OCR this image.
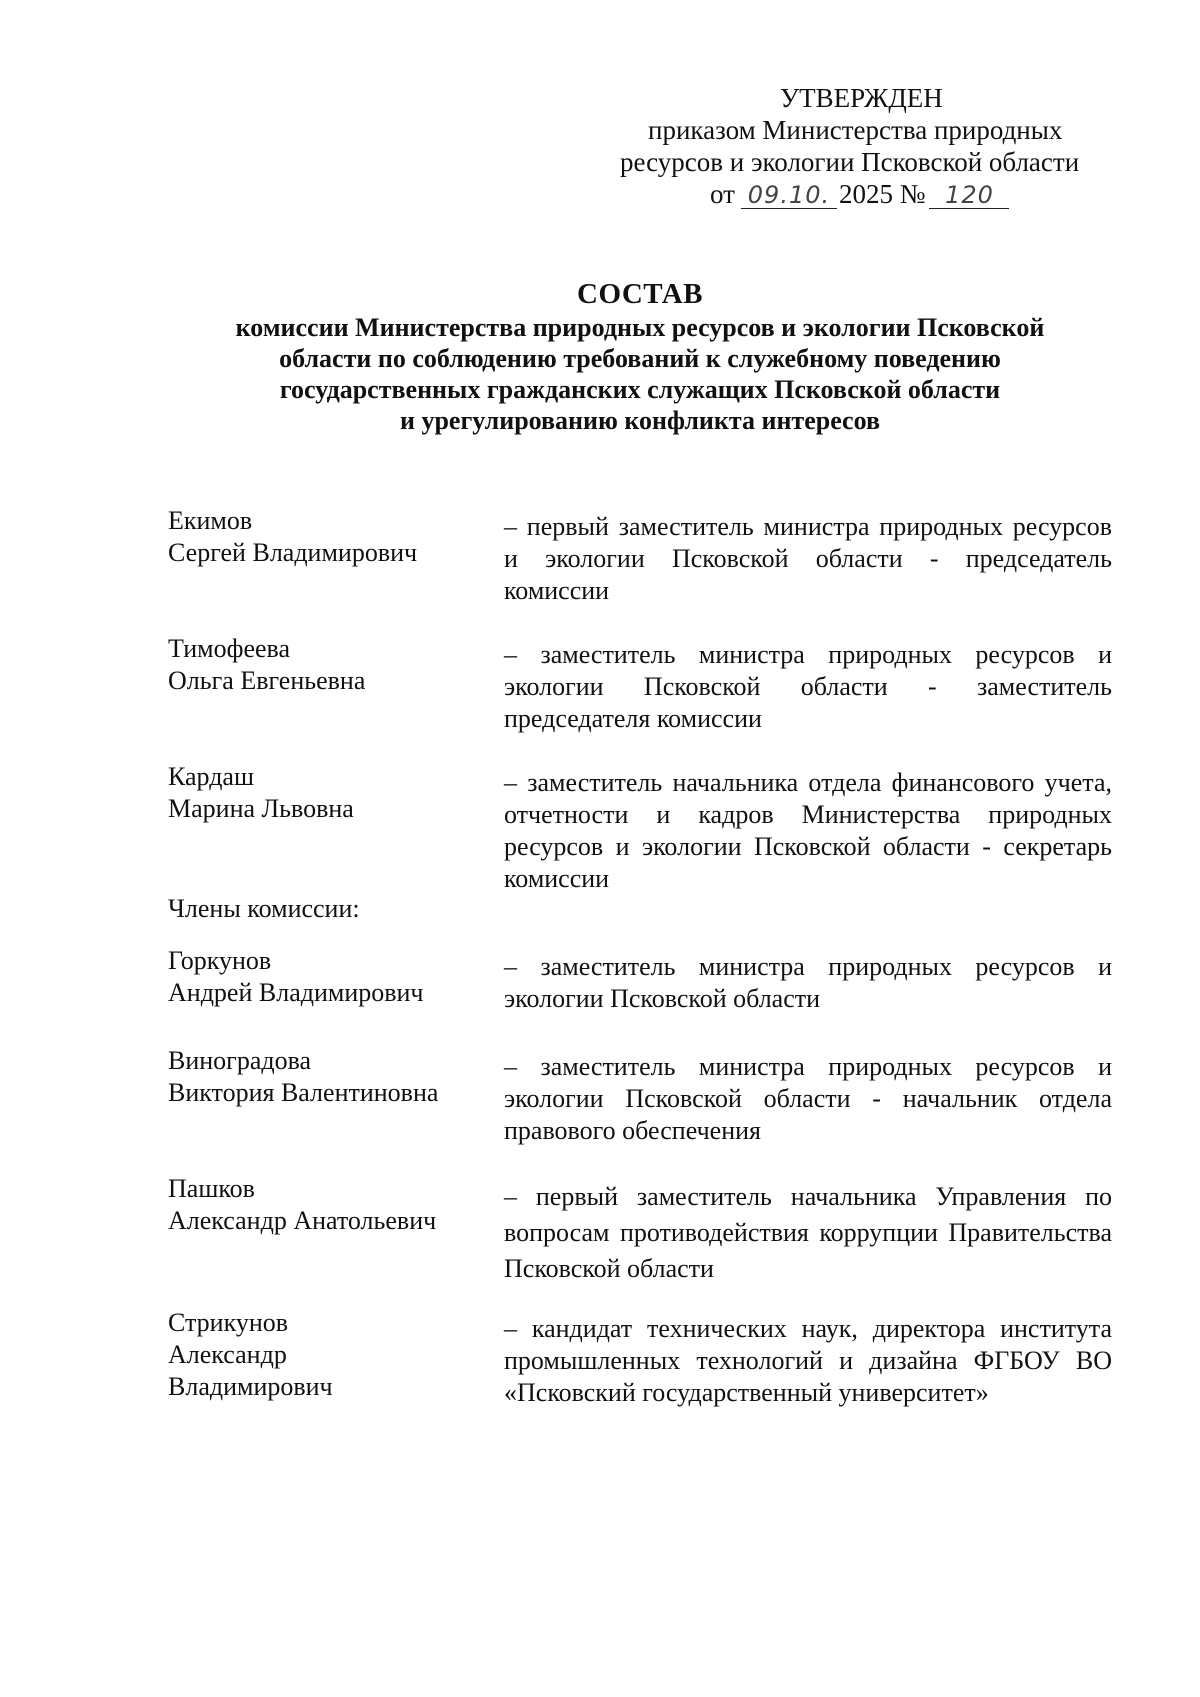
УТВЕРЖДЕН
приказом Министерства природных
ресурсов и экологии Псковской области
от 09.10. 2025 № 120
СОСТАВ
комиссии Министерства природных ресурсов и экологии Псковской
области по соблюдению требований к служебному поведению
государственных гражданских служащих Псковской области
и урегулированию конфликта интересов
Екимов
Сергей Владимирович
– первый заместитель министра природных ресурсов и экологии Псковской области - председатель комиссии
Тимофеева
Ольга Евгеньевна
– заместитель министра природных ресурсов и экологии Псковской области - заместитель председателя комиссии
Кардаш
Марина Львовна
– заместитель начальника отдела финансового учета, отчетности и кадров Министерства природных ресурсов и экологии Псковской области - секретарь комиссии
Члены комиссии:
Горкунов
Андрей Владимирович
– заместитель министра природных ресурсов и экологии Псковской области
Виноградова
Виктория Валентиновна
– заместитель министра природных ресурсов и экологии Псковской области - начальник отдела правового обеспечения
Пашков
Александр Анатольевич
– первый заместитель начальника Управления по вопросам противодействия коррупции Правительства Псковской области
Стрикунов
Александр
Владимирович
– кандидат технических наук, директора института промышленных технологий и дизайна ФГБОУ ВО «Псковский государственный университет»
